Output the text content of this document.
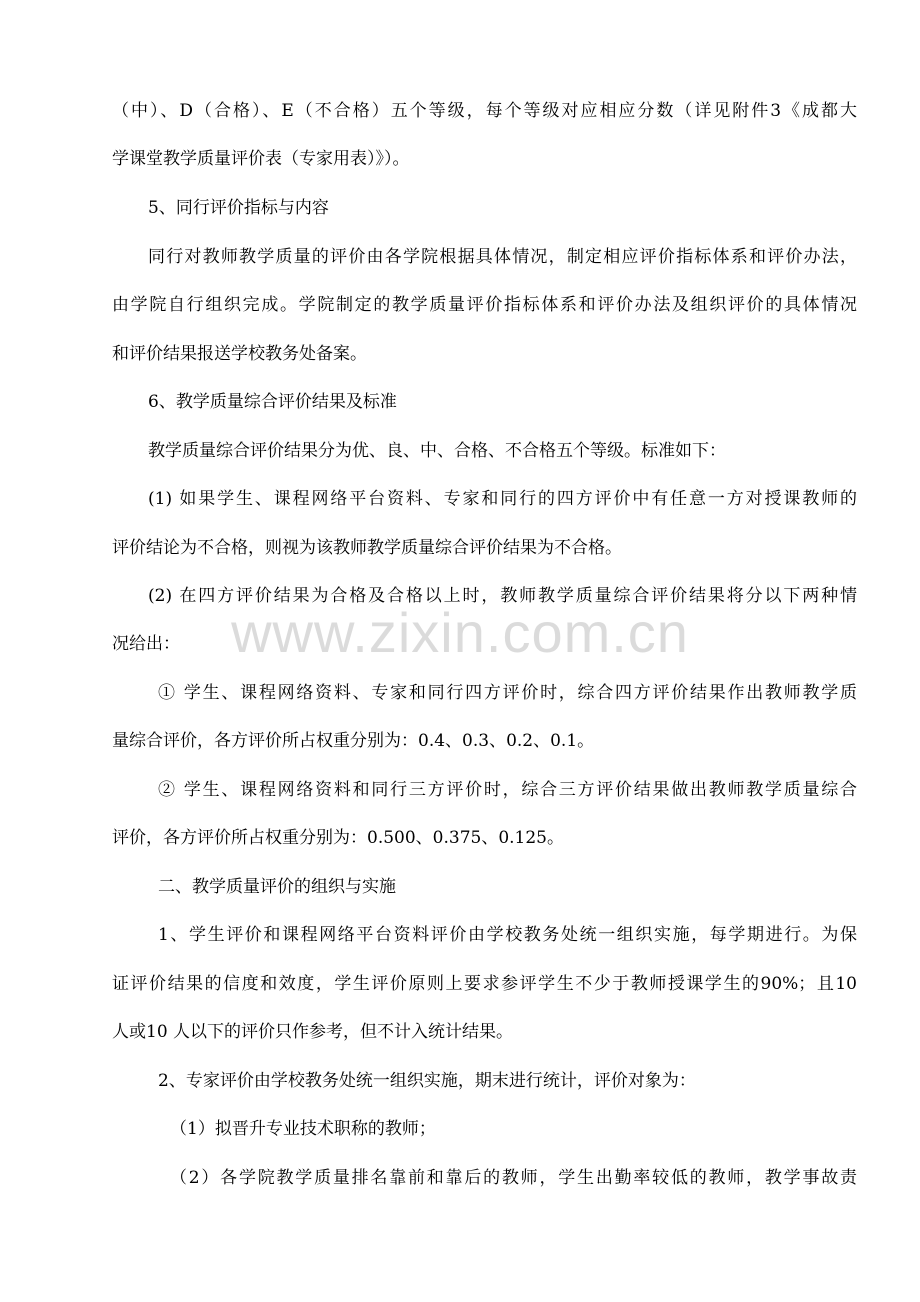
www.zixin.com.cn
（中）、D（合格）、E（不合格）五个等级，每个等级对应相应分数（详见附件3《成都大
学课堂教学质量评价表（专家用表）》）。
5、同行评价指标与内容
同行对教师教学质量的评价由各学院根据具体情况，制定相应评价指标体系和评价办法，
由学院自行组织完成。学院制定的教学质量评价指标体系和评价办法及组织评价的具体情况
和评价结果报送学校教务处备案。
6、教学质量综合评价结果及标准
教学质量综合评价结果分为优、良、中、合格、不合格五个等级。标准如下：
(1) 如果学生、课程网络平台资料、专家和同行的四方评价中有任意一方对授课教师的
评价结论为不合格，则视为该教师教学质量综合评价结果为不合格。
(2) 在四方评价结果为合格及合格以上时，教师教学质量综合评价结果将分以下两种情
况给出：
① 学生、课程网络资料、专家和同行四方评价时，综合四方评价结果作出教师教学质
量综合评价，各方评价所占权重分别为：0.4、0.3、0.2、0.1。
② 学生、课程网络资料和同行三方评价时，综合三方评价结果做出教师教学质量综合
评价，各方评价所占权重分别为：0.500、0.375、0.125。
二、教学质量评价的组织与实施
1、学生评价和课程网络平台资料评价由学校教务处统一组织实施，每学期进行。为保
证评价结果的信度和效度，学生评价原则上要求参评学生不少于教师授课学生的90%；且10
人或10 人以下的评价只作参考，但不计入统计结果。
2、专家评价由学校教务处统一组织实施，期末进行统计，评价对象为：
（1）拟晋升专业技术职称的教师；
（2）各学院教学质量排名靠前和靠后的教师，学生出勤率较低的教师，教学事故责
